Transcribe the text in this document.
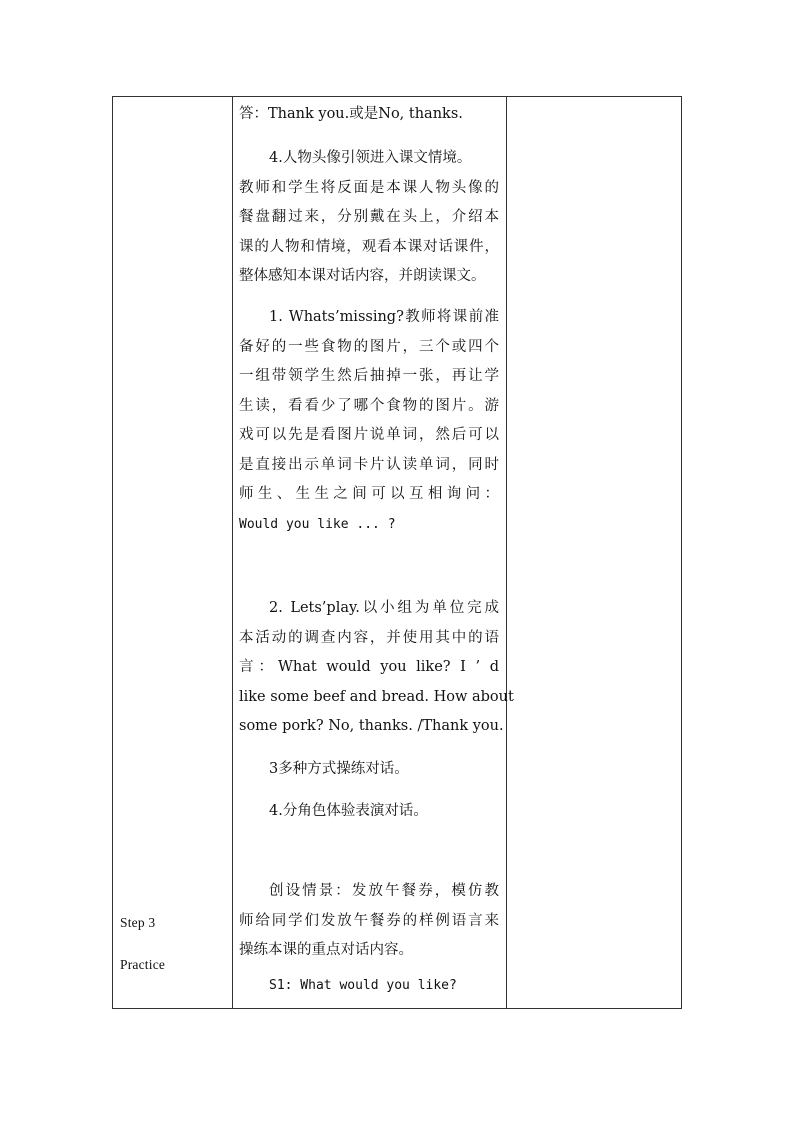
Step 3
Practice

答：Thank you.或是No, thanks.

4.人物头像引领进入课文情境。
教师和学生将反面是本课人物头像的
餐盘翻过来，分别戴在头上，介绍本
课的人物和情境，观看本课对话课件，
整体感知本课对话内容，并朗读课文。

1. Whats’missing?教师将课前准
备好的一些食物的图片，三个或四个
一组带领学生然后抽掉一张，再让学
生读，看看少了哪个食物的图片。游
戏可以先是看图片说单词，然后可以
是直接出示单词卡片认读单词，同时
师生、生生之间可以互相询问：
Would you like ... ?

2. Lets’play.以小组为单位完成
本活动的调查内容，并使用其中的语
言：What would you like? I ’ d
like some beef and bread. How about
some pork? No, thanks. /Thank you.

3多种方式操练对话。

4.分角色体验表演对话。

创设情景：发放午餐券，模仿教
师给同学们发放午餐券的样例语言来
操练本课的重点对话内容。

S1: What would you like?
